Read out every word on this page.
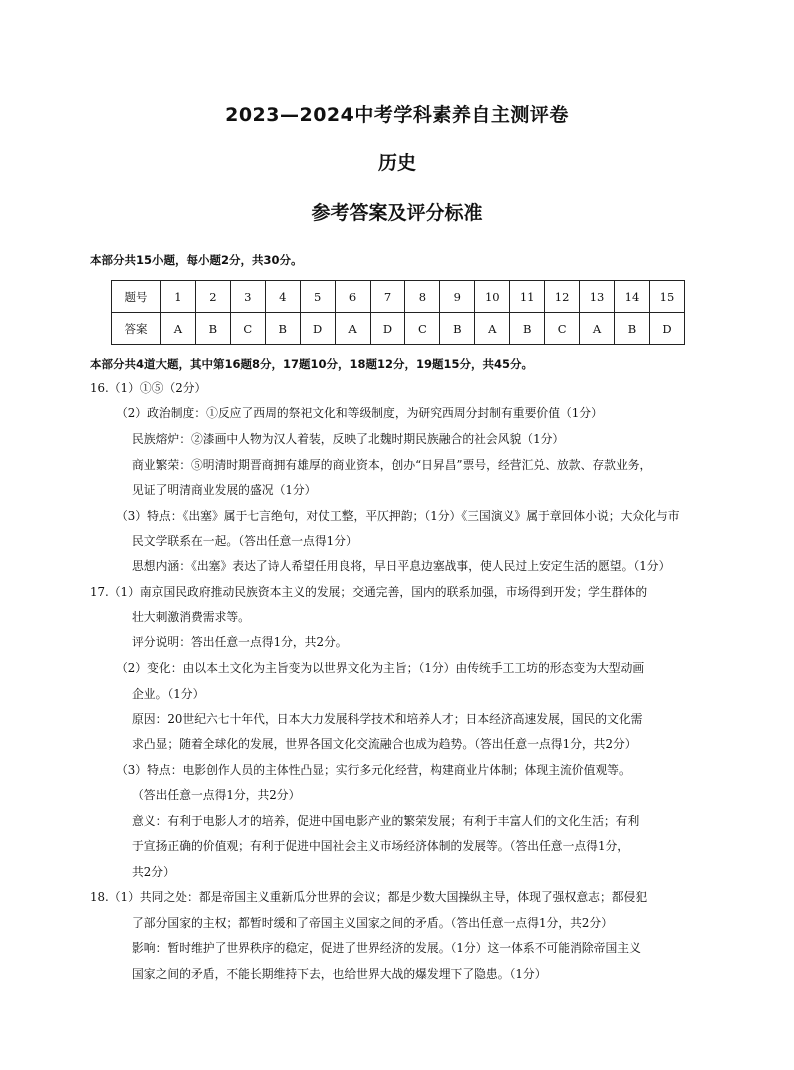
2023—2024中考学科素养自主测评卷
历史
参考答案及评分标准
本部分共15小题，每小题2分，共30分。
题号	1	2	3	4	5	6	7	8	9	10	11	12	13	14	15
答案	A	B	C	B	D	A	D	C	B	A	B	C	A	B	D
本部分共4道大题，其中第16题8分，17题10分，18题12分，19题15分，共45分。
16.（1）①⑤（2分）
（2）政治制度：①反应了西周的祭祀文化和等级制度，为研究西周分封制有重要价值（1分）
民族熔炉：②漆画中人物为汉人着装，反映了北魏时期民族融合的社会风貌（1分）
商业繁荣：⑤明清时期晋商拥有雄厚的商业资本，创办“日昇昌”票号，经营汇兑、放款、存款业务，
见证了明清商业发展的盛况（1分）
（3）特点：《出塞》属于七言绝句，对仗工整，平仄押韵；（1分）《三国演义》属于章回体小说；大众化与市
民文学联系在一起。（答出任意一点得1分）
思想内涵：《出塞》表达了诗人希望任用良将，早日平息边塞战事，使人民过上安定生活的愿望。（1分）
17.（1）南京国民政府推动民族资本主义的发展；交通完善，国内的联系加强，市场得到开发；学生群体的
壮大刺激消费需求等。
评分说明：答出任意一点得1分，共2分。
（2）变化：由以本土文化为主旨变为以世界文化为主旨；（1分）由传统手工工坊的形态变为大型动画
企业。（1分）
原因：20世纪六七十年代，日本大力发展科学技术和培养人才；日本经济高速发展，国民的文化需
求凸显；随着全球化的发展，世界各国文化交流融合也成为趋势。（答出任意一点得1分，共2分）
（3）特点：电影创作人员的主体性凸显；实行多元化经营，构建商业片体制；体现主流价值观等。
（答出任意一点得1分，共2分）
意义：有利于电影人才的培养，促进中国电影产业的繁荣发展；有利于丰富人们的文化生活；有利
于宣扬正确的价值观；有利于促进中国社会主义市场经济体制的发展等。（答出任意一点得1分，
共2分）
18.（1）共同之处：都是帝国主义重新瓜分世界的会议；都是少数大国操纵主导，体现了强权意志；都侵犯
了部分国家的主权；都暂时缓和了帝国主义国家之间的矛盾。（答出任意一点得1分，共2分）
影响：暂时维护了世界秩序的稳定，促进了世界经济的发展。（1分）这一体系不可能消除帝国主义
国家之间的矛盾，不能长期维持下去，也给世界大战的爆发埋下了隐患。（1分）
